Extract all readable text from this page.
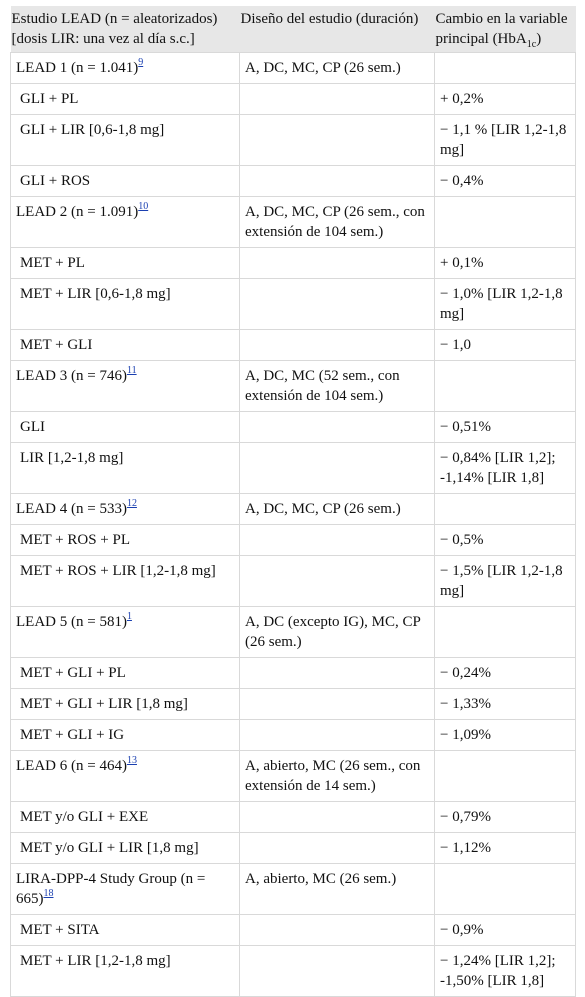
Estudio LEAD (n = aleatorizados) [dosis LIR: una vez al día s.c.]	Diseño del estudio (duración)	Cambio en la variable principal (HbA$_{1c}$)
LEAD 1 (n = 1.041)$^9$	A, DC, MC, CP (26 sem.)	
GLI + PL		+ 0,2%
GLI + LIR [0,6-1,8 mg]		− 1,1 % [LIR 1,2-1,8 mg]
GLI + ROS		− 0,4%
LEAD 2 (n = 1.091)$^{10}$	A, DC, MC, CP (26 sem., con extensión de 104 sem.)	
MET + PL		+ 0,1%
MET + LIR [0,6-1,8 mg]		− 1,0% [LIR 1,2-1,8 mg]
MET + GLI		− 1,0
LEAD 3 (n = 746)$^{11}$	A, DC, MC (52 sem., con extensión de 104 sem.)	
GLI		− 0,51%
LIR [1,2-1,8 mg]		− 0,84% [LIR 1,2]; -1,14% [LIR 1,8]
LEAD 4 (n = 533)$^{12}$	A, DC, MC, CP (26 sem.)	
MET + ROS + PL		− 0,5%
MET + ROS + LIR [1,2-1,8 mg]		− 1,5% [LIR 1,2-1,8 mg]
LEAD 5 (n = 581)$^1$	A, DC (excepto IG), MC, CP (26 sem.)	
MET + GLI + PL		− 0,24%
MET + GLI + LIR [1,8 mg]		− 1,33%
MET + GLI + IG		− 1,09%
LEAD 6 (n = 464)$^{13}$	A, abierto, MC (26 sem., con extensión de 14 sem.)	
MET y/o GLI + EXE		− 0,79%
MET y/o GLI + LIR [1,8 mg]		− 1,12%
LIRA-DPP-4 Study Group (n = 665)$^{18}$	A, abierto, MC (26 sem.)	
MET + SITA		− 0,9%
MET + LIR [1,2-1,8 mg]		− 1,24% [LIR 1,2]; -1,50% [LIR 1,8]
